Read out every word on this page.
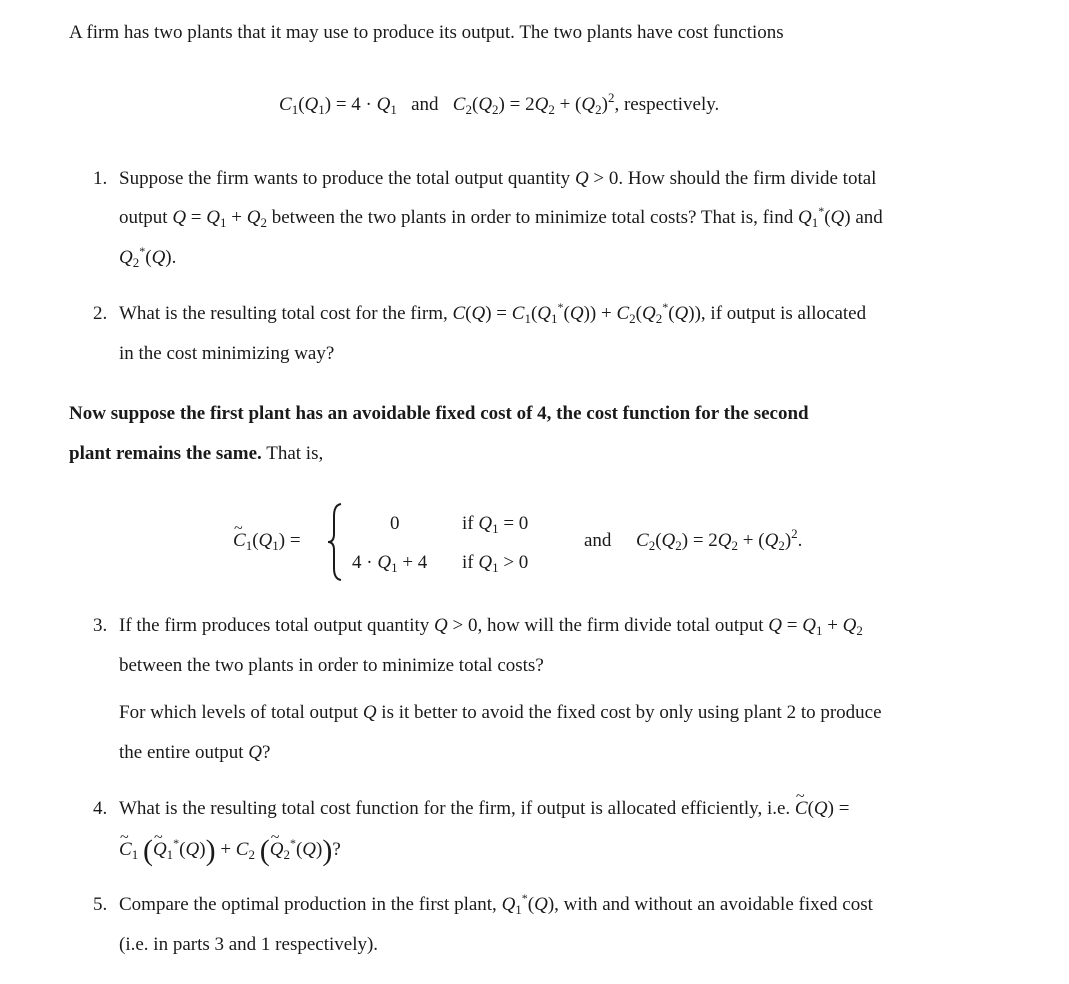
A firm has two plants that it may use to produce its output. The two plants have cost functions
$C_1(Q_1) = 4 \cdot Q_1$ and $C_2(Q_2) = 2Q_2 + (Q_2)^2$, respectively.
1. Suppose the firm wants to produce the total output quantity Q > 0. How should the firm divide total
output $Q = Q_1 + Q_2$ between the two plants in order to minimize total costs? That is, find $Q_1^*(Q)$ and
$Q_2^*(Q)$.
2. What is the resulting total cost for the firm, $C(Q) = C_1(Q_1^*(Q)) + C_2(Q_2^*(Q))$, if output is allocated
in the cost minimizing way?
Now suppose the first plant has an avoidable fixed cost of 4, the cost function for the second
plant remains the same. That is,
~ $C_1(Q_1)$ =
0	if $Q_1 = 0$
$4 \cdot Q_1 + 4$ if $Q_1 > 0$
and $C_2(Q_2) = 2Q_2 + (Q_2)^2$.
3. If the firm produces total output quantity Q > 0, how will the firm divide total output $Q = Q_1 + Q_2$
between the two plants in order to minimize total costs?
For which levels of total output Q is it better to avoid the fixed cost by only using plant 2 to produce
the entire output Q?
4. What is the resulting total cost function for the firm, if output is allocated efficiently, i.e. ~ C(Q) =
~ $C_1$ (~ $Q_1^*(Q)) + C_2$ (~ $Q_2^*(Q)$)?
5. Compare the optimal production in the first plant, $Q_1^*(Q)$, with and without an avoidable fixed cost
(i.e. in parts 3 and 1 respectively).
